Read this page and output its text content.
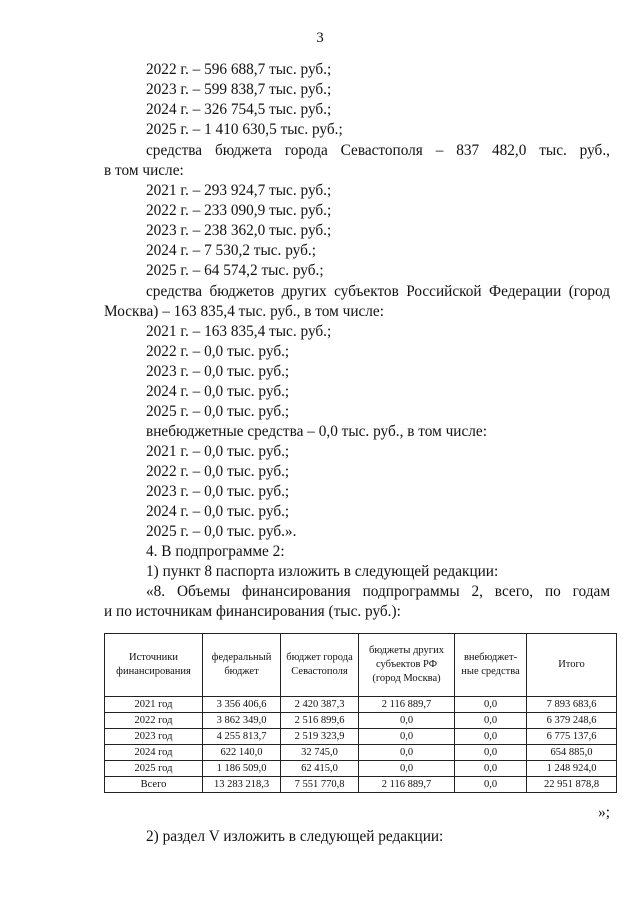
3
2022 г. – 596 688,7 тыс. руб.;
2023 г. – 599 838,7 тыс. руб.;
2024 г. – 326 754,5 тыс. руб.;
2025 г. – 1 410 630,5 тыс. руб.;
средства бюджета города Севастополя – 837 482,0 тыс. руб.,
в том числе:
2021 г. – 293 924,7 тыс. руб.;
2022 г. – 233 090,9 тыс. руб.;
2023 г. – 238 362,0 тыс. руб.;
2024 г. – 7 530,2 тыс. руб.;
2025 г. – 64 574,2 тыс. руб.;
средства бюджетов других субъектов Российской Федерации (город
Москва) – 163 835,4 тыс. руб., в том числе:
2021 г. – 163 835,4 тыс. руб.;
2022 г. – 0,0 тыс. руб.;
2023 г. – 0,0 тыс. руб.;
2024 г. – 0,0 тыс. руб.;
2025 г. – 0,0 тыс. руб.;
внебюджетные средства – 0,0 тыс. руб., в том числе:
2021 г. – 0,0 тыс. руб.;
2022 г. – 0,0 тыс. руб.;
2023 г. – 0,0 тыс. руб.;
2024 г. – 0,0 тыс. руб.;
2025 г. – 0,0 тыс. руб.».
4. В подпрограмме 2:
1) пункт 8 паспорта изложить в следующей редакции:
«8. Объемы финансирования подпрограммы 2, всего, по годам
и по источникам финансирования (тыс. руб.):
Источники финансирования	федеральный бюджет	бюджет города Севастополя	бюджеты других субъектов РФ (город Москва)	внебюджет-ные средства	Итого
2021 год	3 356 406,6	2 420 387,3	2 116 889,7	0,0	7 893 683,6
2022 год	3 862 349,0	2 516 899,6	0,0	0,0	6 379 248,6
2023 год	4 255 813,7	2 519 323,9	0,0	0,0	6 775 137,6
2024 год	622 140,0	32 745,0	0,0	0,0	654 885,0
2025 год	1 186 509,0	62 415,0	0,0	0,0	1 248 924,0
Всего	13 283 218,3	7 551 770,8	2 116 889,7	0,0	22 951 878,8
»;
2) раздел V изложить в следующей редакции:
